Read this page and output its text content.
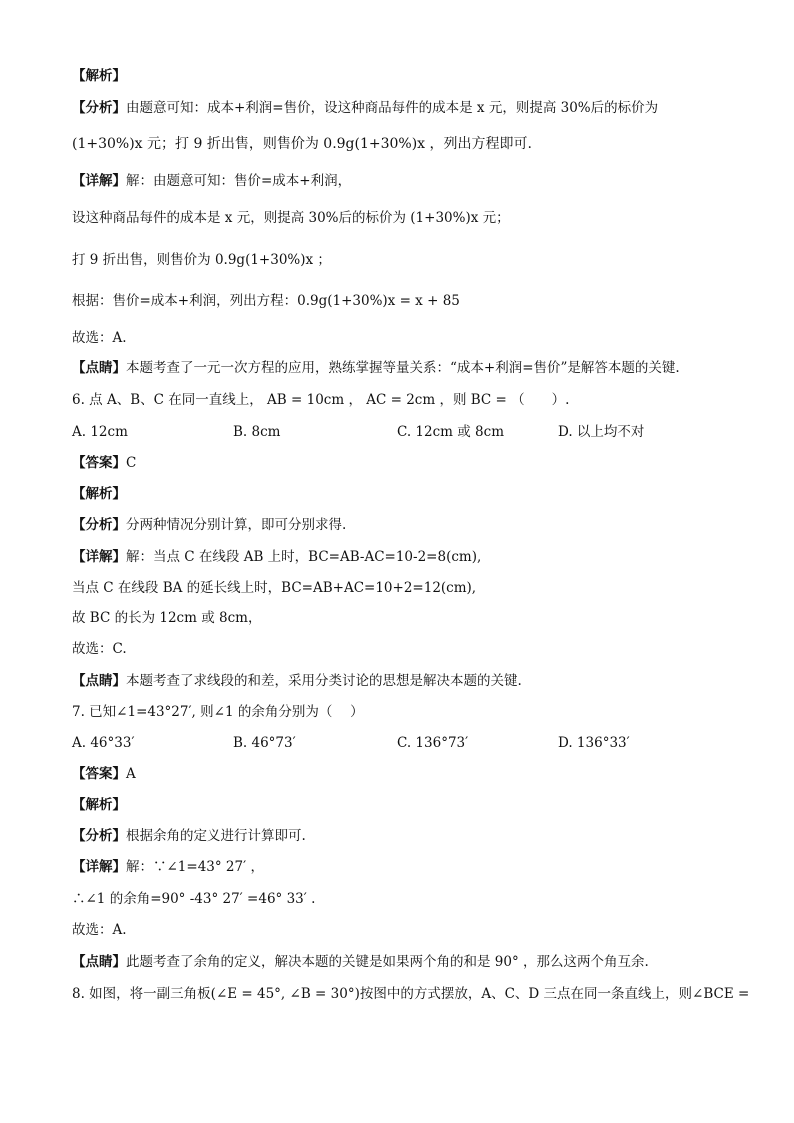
【解析】
【分析】由题意可知：成本+利润=售价，设这种商品每件的成本是 x 元，则提高 30%后的标价为
(1+30%)x 元；打 9 折出售，则售价为 0.9g(1+30%)x ，列出方程即可.
【详解】解：由题意可知：售价=成本+利润，
设这种商品每件的成本是 x 元，则提高 30%后的标价为 (1+30%)x 元；
打 9 折出售，则售价为 0.9g(1+30%)x ；
根据：售价=成本+利润，列出方程：0.9g(1+30%)x = x + 85
故选：A.
【点睛】本题考查了一元一次方程的应用，熟练掌握等量关系：“成本+利润=售价”是解答本题的关键.
6. 点 A、B、C 在同一直线上， AB = 10cm ， AC = 2cm ，则 BC = （　　）.
A. 12cm	B. 8cm	C. 12cm 或 8cm	D. 以上均不对
【答案】C
【解析】
【分析】分两种情况分别计算，即可分别求得.
【详解】解：当点 C 在线段 AB 上时，BC=AB-AC=10-2=8(cm),
当点 C 在线段 BA 的延长线上时，BC=AB+AC=10+2=12(cm),
故 BC 的长为 12cm 或 8cm，
故选：C.
【点睛】本题考查了求线段的和差，采用分类讨论的思想是解决本题的关键.
7. 已知∠1=43°27′, 则∠1 的余角分别为（　 ）
A. 46°33′	B. 46°73′	C. 136°73′	D. 136°33′
【答案】A
【解析】
【分析】根据余角的定义进行计算即可.
【详解】解：∵∠1=43° 27′ ，
∴∠1 的余角=90° -43° 27′ =46° 33′ .
故选：A.
【点睛】此题考查了余角的定义，解决本题的关键是如果两个角的和是 90° ，那么这两个角互余.
8. 如图，将一副三角板(∠E = 45°, ∠B = 30°)按图中的方式摆放，A、C、D 三点在同一条直线上，则∠BCE =
